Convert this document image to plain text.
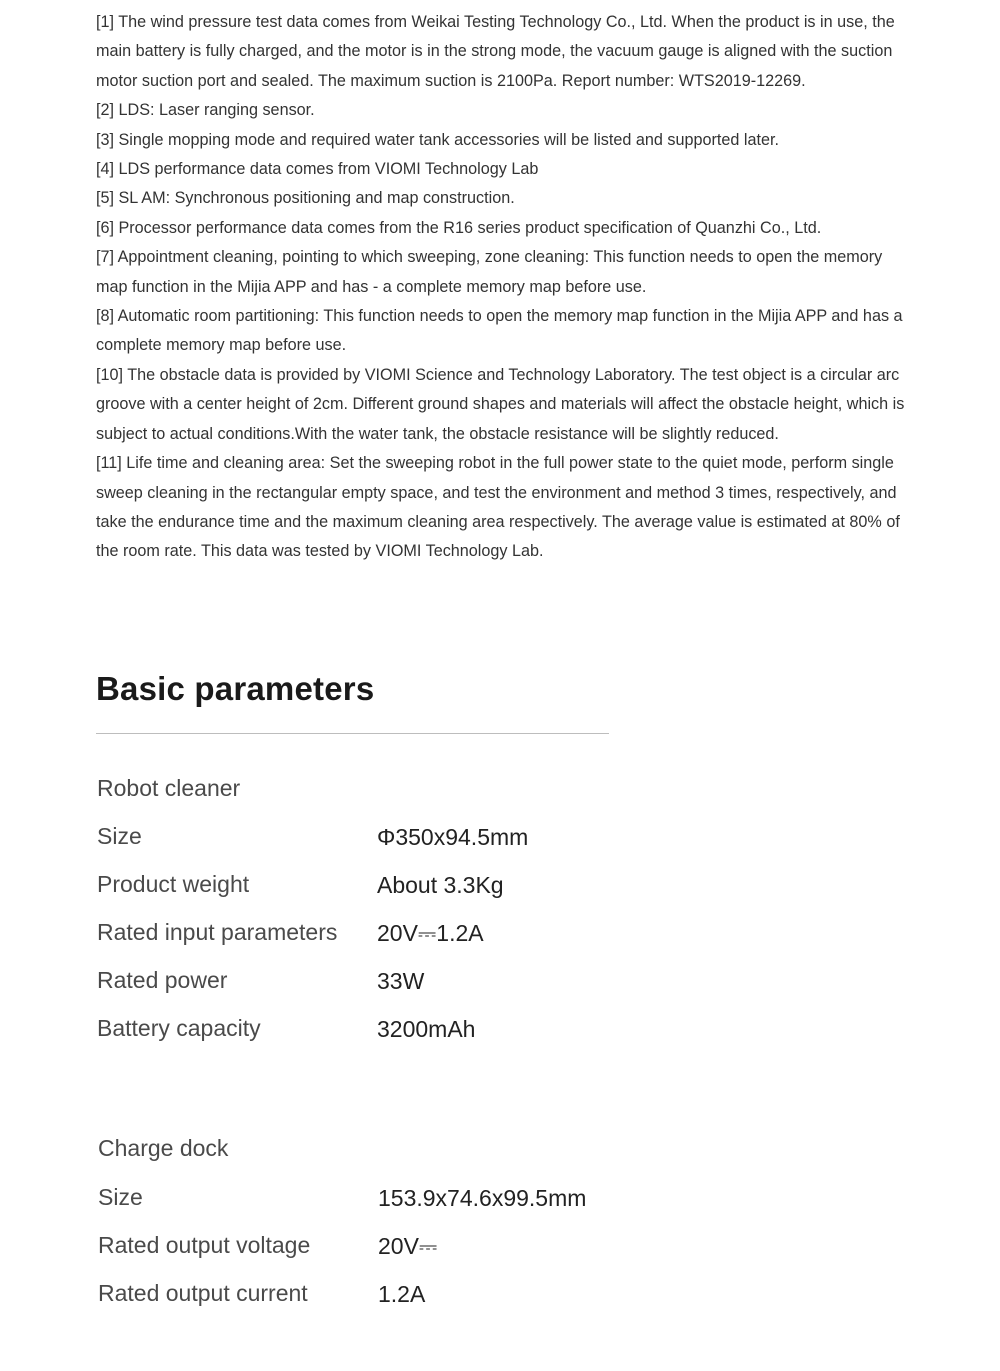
[1] The wind pressure test data comes from Weikai Testing Technology Co., Ltd. When the product is in use, the main battery is fully charged, and the motor is in the strong mode, the vacuum gauge is aligned with the suction motor suction port and sealed. The maximum suction is 2100Pa. Report number: WTS2019-12269.

[2] LDS: Laser ranging sensor.

[3] Single mopping mode and required water tank accessories will be listed and supported later.

[4] LDS performance data comes from VIOMI Technology Lab

[5] SL AM: Synchronous positioning and map construction.

[6] Processor performance data comes from the R16 series product specification of Quanzhi Co., Ltd.

[7] Appointment cleaning, pointing to which sweeping, zone cleaning: This function needs to open the memory map function in the Mijia APP and has - a complete memory map before use.

[8] Automatic room partitioning: This function needs to open the memory map function in the Mijia APP and has a complete memory map before use.

[10] The obstacle data is provided by VIOMI Science and Technology Laboratory. The test object is a circular arc groove with a center height of 2cm. Different ground shapes and materials will affect the obstacle height, which is subject to actual conditions.With the water tank, the obstacle resistance will be slightly reduced.

[11] Life time and cleaning area: Set the sweeping robot in the full power state to the quiet mode, perform single sweep cleaning in the rectangular empty space, and test the environment and method 3 times, respectively, and take the endurance time and the maximum cleaning area respectively. The average value is estimated at 80% of the room rate. This data was tested by VIOMI Technology Lab.

Basic parameters
Robot cleaner
Size	Φ350x94.5mm
Product weight	About 3.3Kg
Rated input parameters 20V⎓1.2A
Rated power	33W
Battery capacity	3200mAh
Charge dock
Size	153.9x74.6x99.5mm
Rated output voltage	20V⎓
Rated output current	1.2A
